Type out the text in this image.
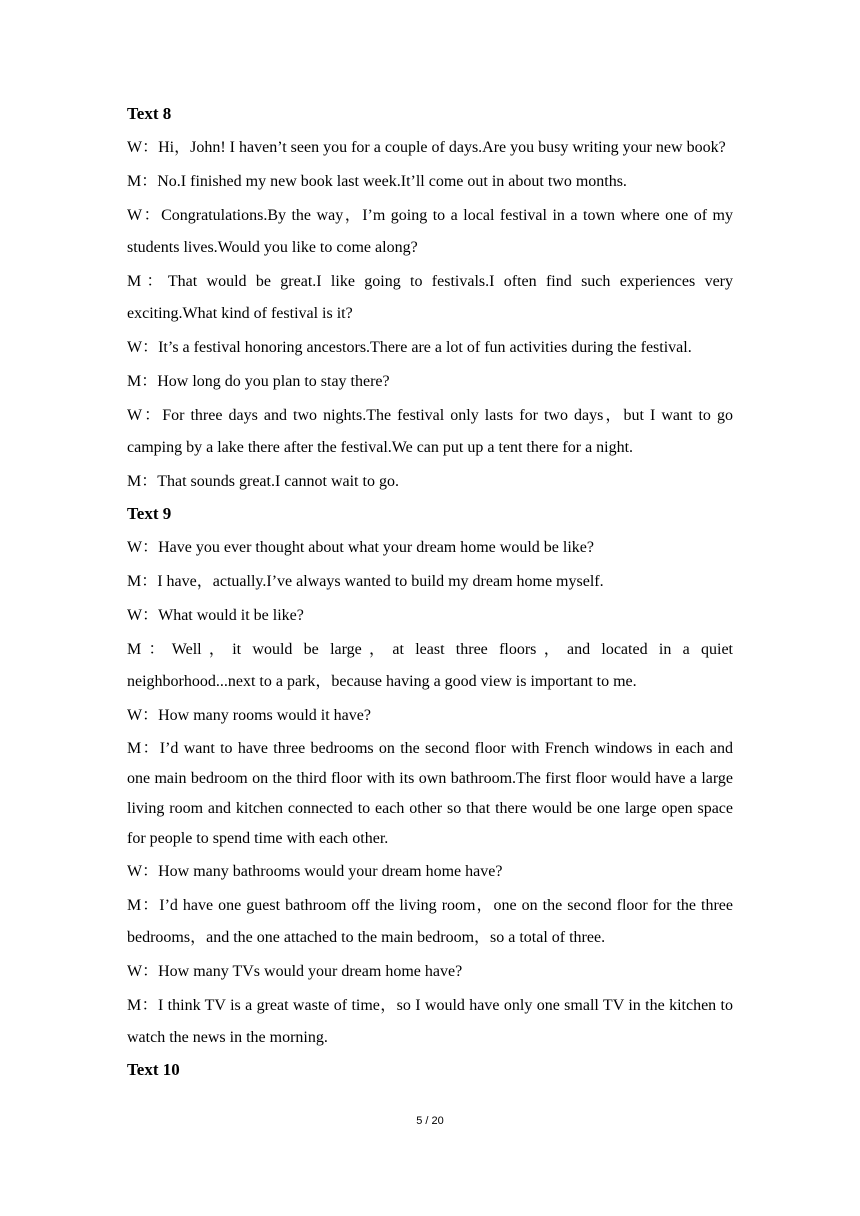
Text 8

W：Hi，John! I haven’t seen you for a couple of days.Are you busy writing your new book?

M：No.I finished my new book last week.It’ll come out in about two months.

W：Congratulations.By the way，I’m going to a local festival in a town where one of my students lives.Would you like to come along?

M：That would be great.I like going to festivals.I often find such experiences very exciting.What kind of festival is it?

W：It’s a festival honoring ancestors.There are a lot of fun activities during the festival.

M：How long do you plan to stay there?

W：For three days and two nights.The festival only lasts for two days，but I want to go camping by a lake there after the festival.We can put up a tent there for a night.

M：That sounds great.I cannot wait to go.

Text 9

W：Have you ever thought about what your dream home would be like?

M：I have，actually.I’ve always wanted to build my dream home myself.

W：What would it be like?

M：Well，it would be large，at least three floors，and located in a quiet neighborhood...next to a park，because having a good view is important to me.

W：How many rooms would it have?

M：I’d want to have three bedrooms on the second floor with French windows in each and one main bedroom on the third floor with its own bathroom.The first floor would have a large living room and kitchen connected to each other so that there would be one large open space for people to spend time with each other.

W：How many bathrooms would your dream home have?

M：I’d have one guest bathroom off the living room，one on the second floor for the three bedrooms，and the one attached to the main bedroom，so a total of three.

W：How many TVs would your dream home have?

M：I think TV is a great waste of time，so I would have only one small TV in the kitchen to watch the news in the morning.

Text 10
5 / 20
